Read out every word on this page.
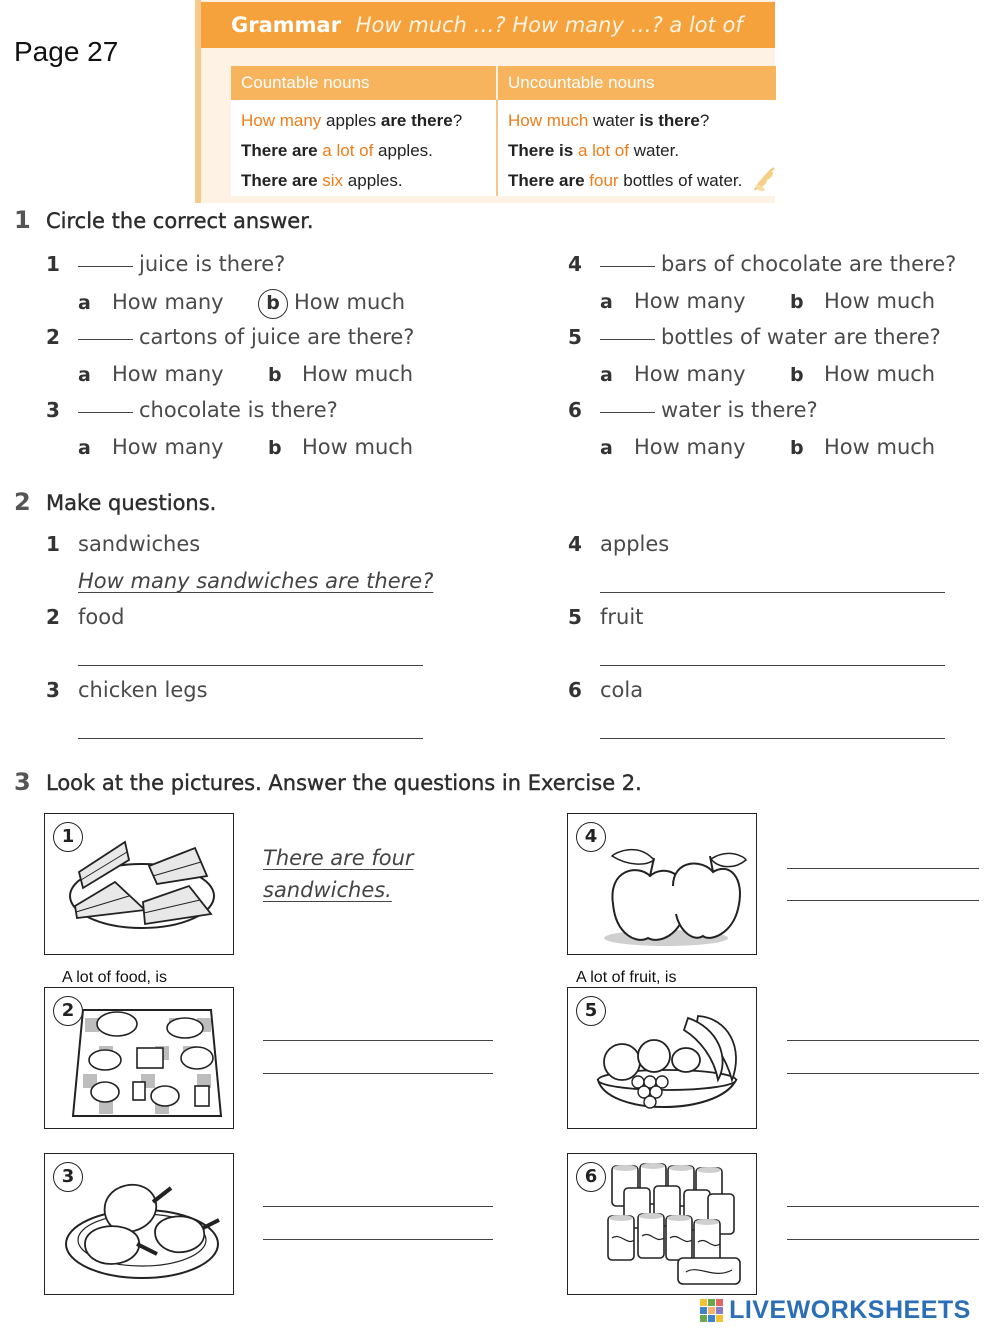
Page 27
Grammar How much …? How many …? a lot of
Countable nouns	Uncountable nouns
How many apples are there?	How much water is there?
There are a lot of apples.	There is a lot of water.
There are six apples.	There are four bottles of water.
1 Circle the correct answer.
1	juice is there?
a How many b How much
2	cartons of juice are there?
a How many b How much
3	chocolate is there?
a How many b How much
4	bars of chocolate are there?
a How many b How much
5	bottles of water are there?
a How many b How much
6	water is there?
a How many b How much
2 Make questions.
1 sandwiches
How many sandwiches are there?
2 food
3 chicken legs
4 apples
5 fruit
6 cola
3 Look at the pictures. Answer the questions in Exercise 2.
1
There are four
sandwiches.
4
A lot of food, is	A lot of fruit, is
2	5
3	6
LIVEWORKSHEETS
